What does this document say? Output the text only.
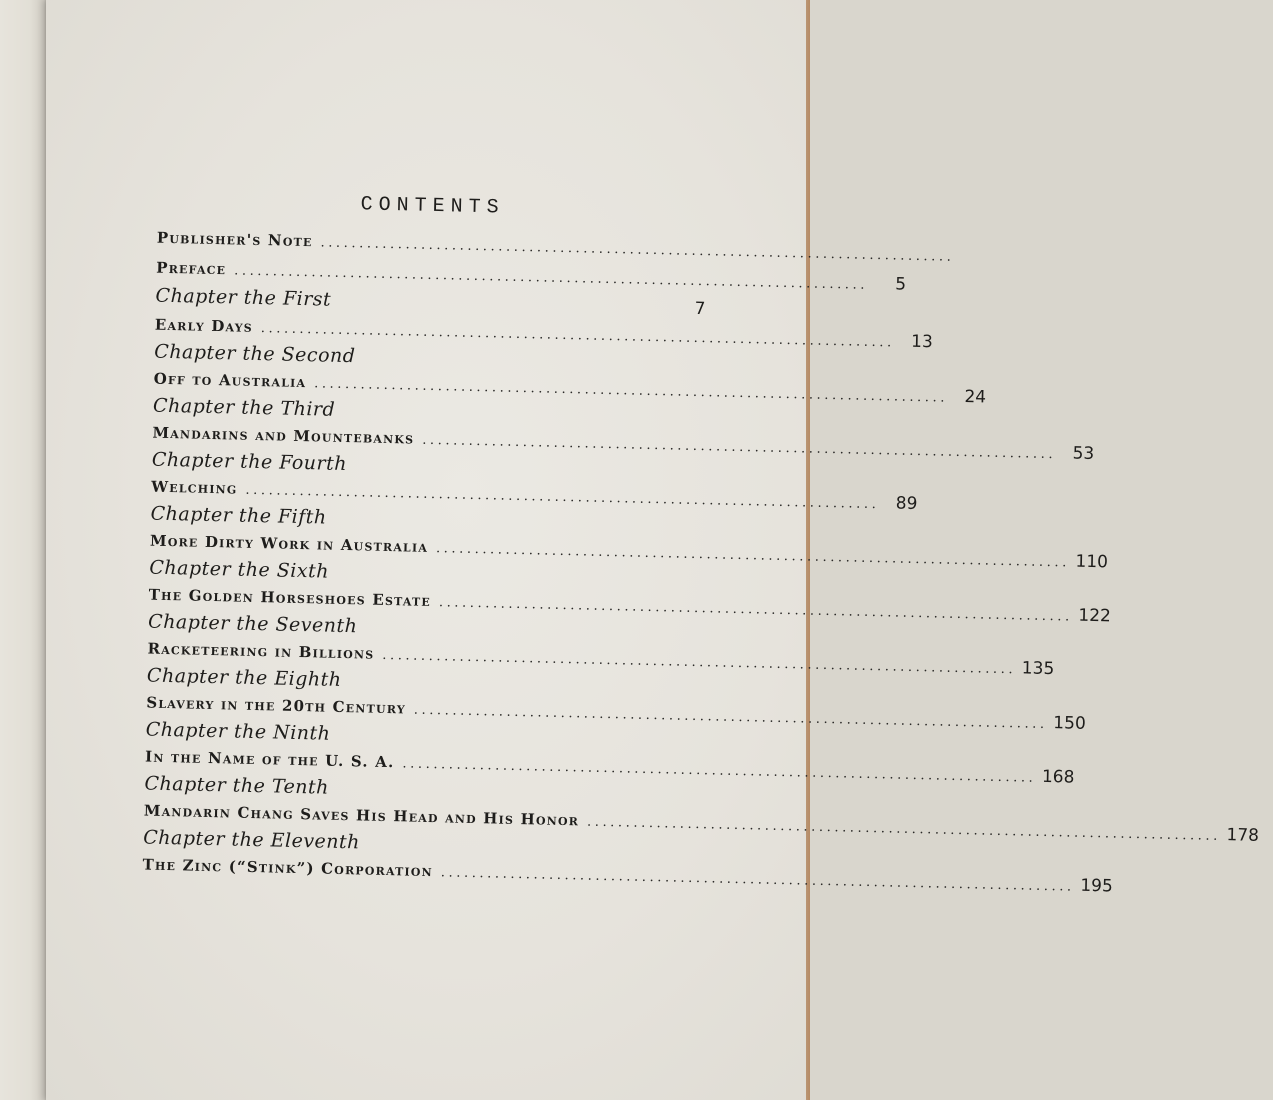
CONTENTS
Publisher's Note ..................................................................................
Preface ..................................................................................	5
Chapter the First	7
Early Days .................................................................................. 13
Chapter the Second
Off to Australia .................................................................................. 24
Chapter the Third
Mandarins and Mountebanks .................................................................................. 53
Chapter the Fourth
Welching .................................................................................. 89
Chapter the Fifth
More Dirty Work in Australia .................................................................................. 110
Chapter the Sixth
The Golden Horseshoes Estate .................................................................................. 122
Chapter the Seventh
Racketeering in Billions .................................................................................. 135
Chapter the Eighth
Slavery in the 20th Century .................................................................................. 150
Chapter the Ninth
In the Name of the U. S. A. .................................................................................. 168
Chapter the Tenth
Mandarin Chang Saves His Head and His Honor .................................................................................. 178
Chapter the Eleventh
The Zinc (“Stink”) Corporation .................................................................................. 195
